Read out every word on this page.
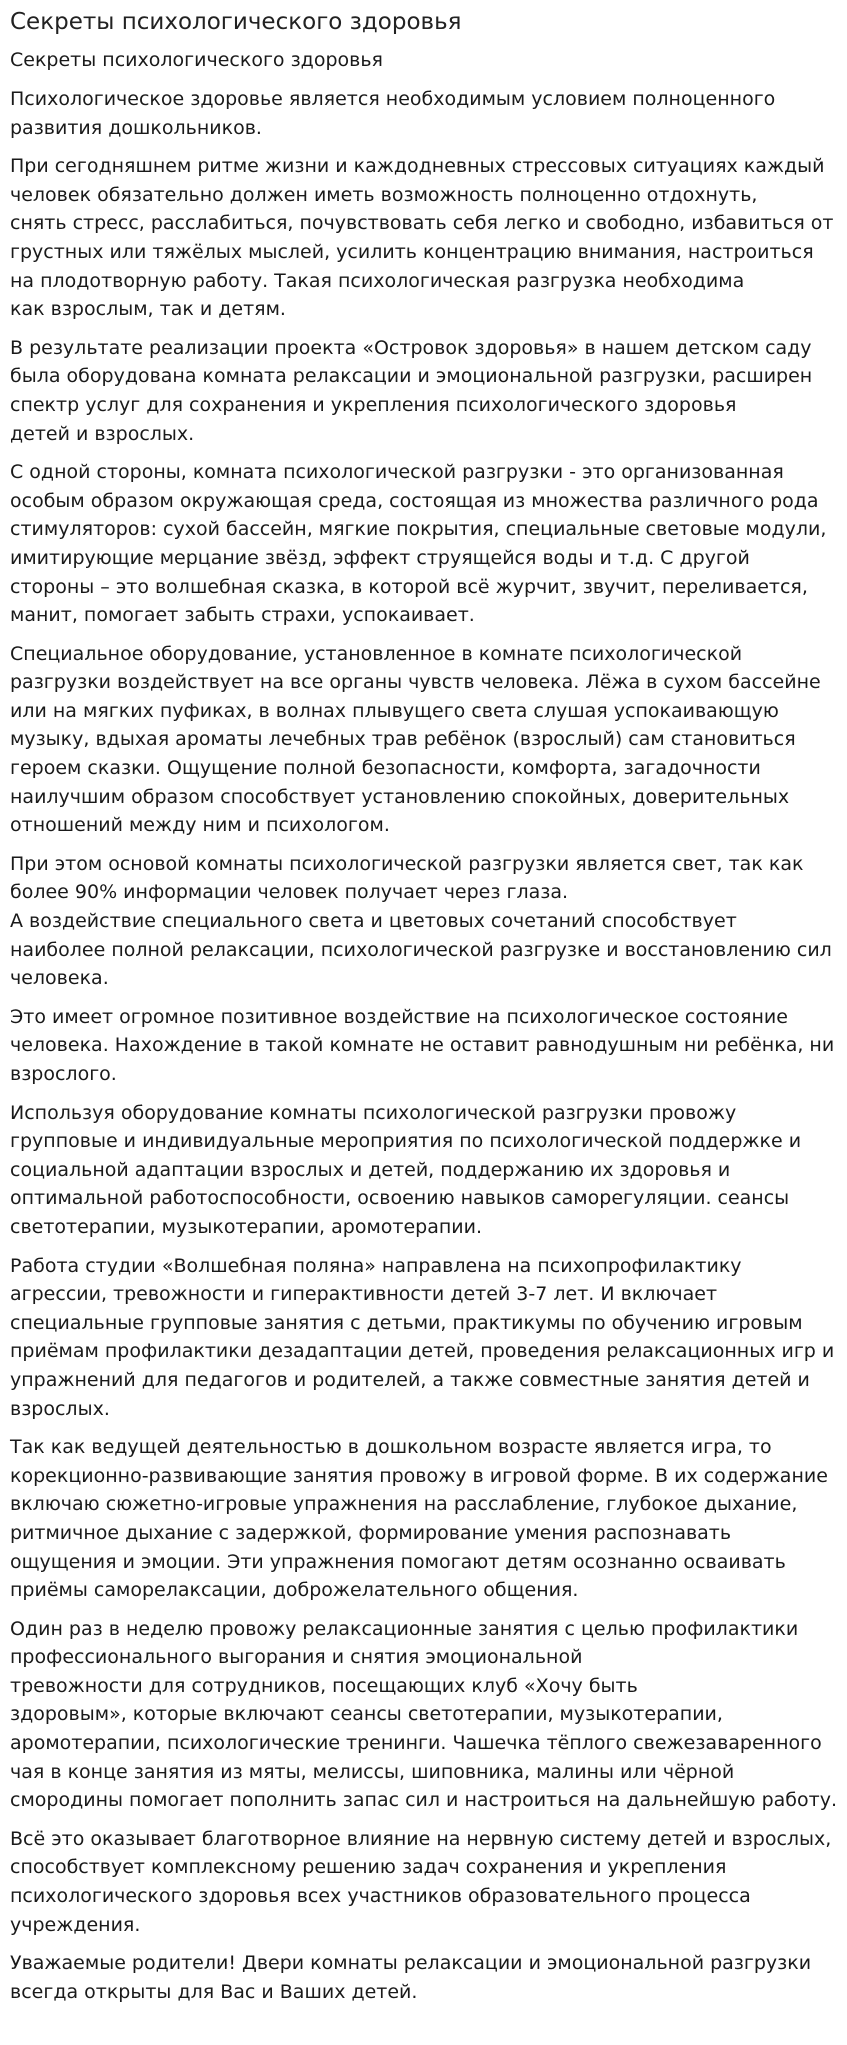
Секреты психологического здоровья

Секреты психологического здоровья

Психологическое здоровье является необходимым условием полноценного развития дошкольников.

При сегодняшнем ритме жизни и каждодневных стрессовых ситуациях каждый человек обязательно должен иметь возможность полноценно отдохнуть,
снять стресс, расслабиться, почувствовать себя легко и свободно, избавиться от грустных или тяжёлых мыслей, усилить концентрацию внимания, настроиться на плодотворную работу. Такая психологическая разгрузка необходима
как взрослым, так и детям.

В результате реализации проекта «Островок здоровья» в нашем детском саду была оборудована комната релаксации и эмоциональной разгрузки, расширен спектр услуг для сохранения и укрепления психологического здоровья
детей и взрослых.

С одной стороны, комната психологической разгрузки - это организованная особым образом окружающая среда, состоящая из множества различного рода стимуляторов: сухой бассейн, мягкие покрытия, специальные световые модули, имитирующие мерцание звёзд, эффект струящейся воды и т.д. С другой стороны – это волшебная сказка, в которой всё журчит, звучит, переливается, манит, помогает забыть страхи, успокаивает.

Специальное оборудование, установленное в комнате психологической разгрузки воздействует на все органы чувств человека. Лёжа в сухом бассейне или на мягких пуфиках, в волнах плывущего света слушая успокаивающую музыку, вдыхая ароматы лечебных трав ребёнок (взрослый) сам становиться героем сказки. Ощущение полной безопасности, комфорта, загадочности наилучшим образом способствует установлению спокойных, доверительных отношений между ним и психологом.

При этом основой комнаты психологической разгрузки является свет, так как более 90% информации человек получает через глаза.
А воздействие специального света и цветовых сочетаний способствует наиболее полной релаксации, психологической разгрузке и восстановлению сил человека.

Это имеет огромное позитивное воздействие на психологическое состояние человека. Нахождение в такой комнате не оставит равнодушным ни ребёнка, ни взрослого.

Используя оборудование комнаты психологической разгрузки провожу групповые и индивидуальные мероприятия по психологической поддержке и социальной адаптации взрослых и детей, поддержанию их здоровья и оптимальной работоспособности, освоению навыков саморегуляции. сеансы светотерапии, музыкотерапии, аромотерапии.

Работа студии «Волшебная поляна» направлена на психопрофилактику агрессии, тревожности и гиперактивности детей 3-7 лет. И включает специальные групповые занятия с детьми, практикумы по обучению игровым приёмам профилактики дезадаптации детей, проведения релаксационных игр и упражнений для педагогов и родителей, а также совместные занятия детей и взрослых.

Так как ведущей деятельностью в дошкольном возрасте является игра, то корекционно-развивающие занятия провожу в игровой форме. В их содержание включаю сюжетно-игровые упражнения на расслабление, глубокое дыхание, ритмичное дыхание с задержкой, формирование умения распознавать ощущения и эмоции. Эти упражнения помогают детям осознанно осваивать приёмы саморелаксации, доброжелательного общения.

Один раз в неделю провожу релаксационные занятия с целью профилактики профессионального выгорания и снятия эмоциональной
тревожности для сотрудников, посещающих клуб «Хочу быть
здоровым», которые включают сеансы светотерапии, музыкотерапии, аромотерапии, психологические тренинги. Чашечка тёплого свежезаваренного чая в конце занятия из мяты, мелиссы, шиповника, малины или чёрной смородины помогает пополнить запас сил и настроиться на дальнейшую работу.

Всё это оказывает благотворное влияние на нервную систему детей и взрослых, способствует комплексному решению задач сохранения и укрепления психологического здоровья всех участников образовательного процесса учреждения.

Уважаемые родители! Двери комнаты релаксации и эмоциональной разгрузки всегда открыты для Вас и Ваших детей.
